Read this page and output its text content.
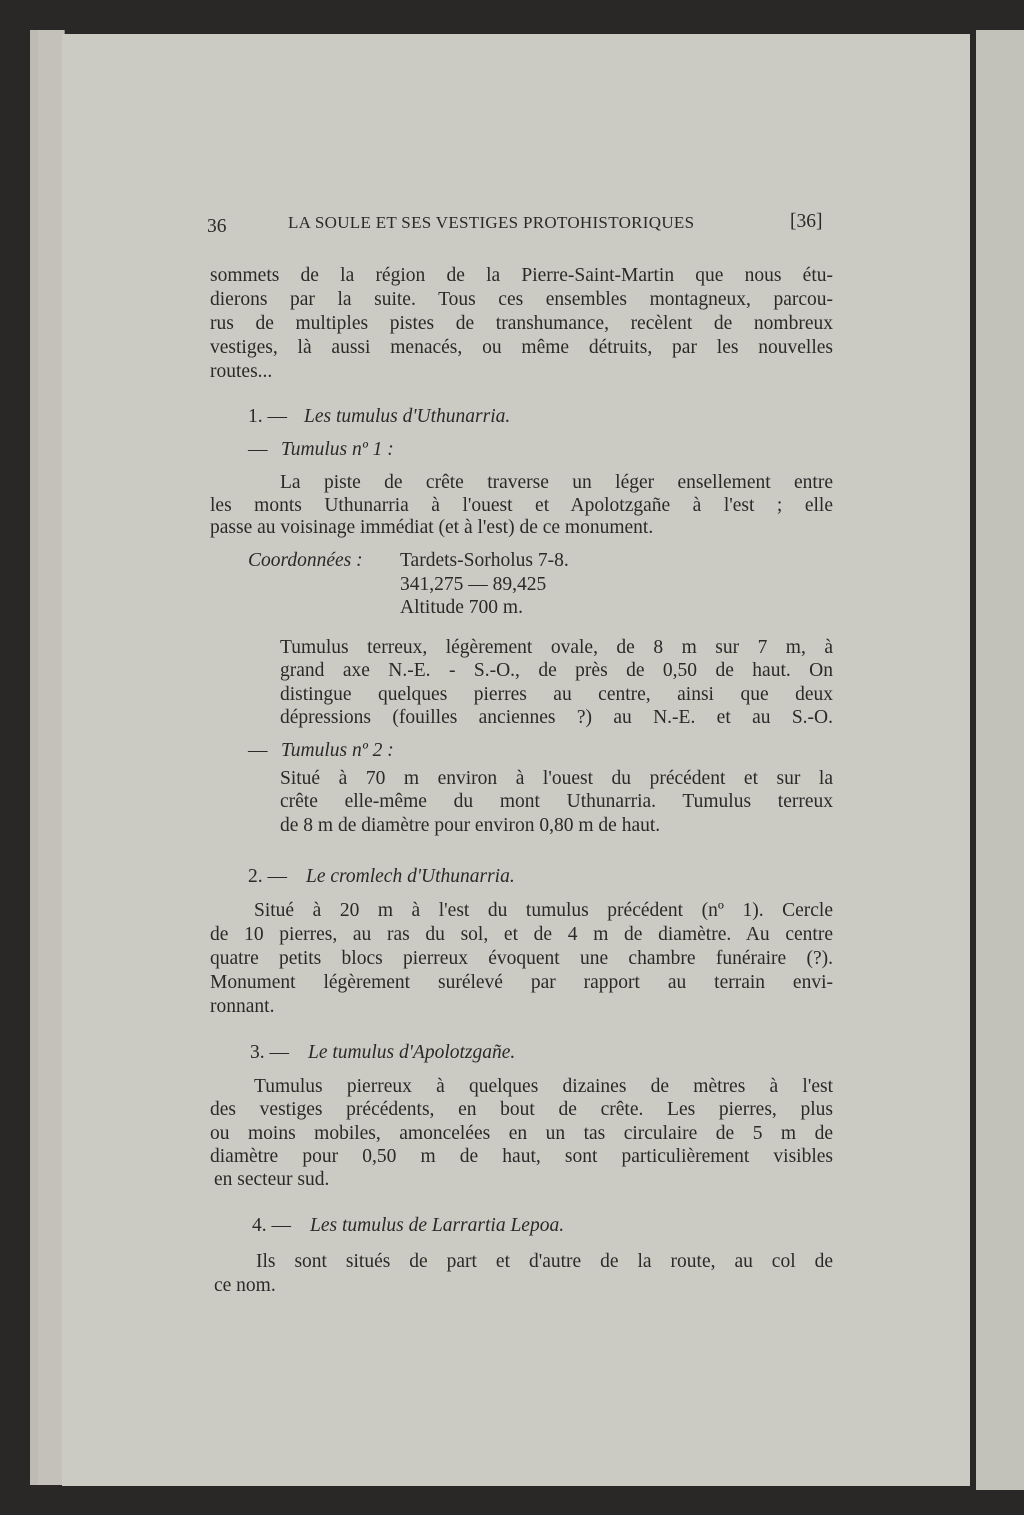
36	LA SOULE ET SES VESTIGES PROTOHISTORIQUES	[36]
sommets de la région de la Pierre-Saint-Martin que nous étu-
dierons par la suite. Tous ces ensembles montagneux, parcou-
rus de multiples pistes de transhumance, recèlent de nombreux
vestiges, là aussi menacés, ou même détruits, par les nouvelles
routes...
1. — Les tumulus d'Uthunarria.
— Tumulus nº 1 :
La piste de crête traverse un léger ensellement entre
les monts Uthunarria à l'ouest et Apolotzgañe à l'est ; elle
passe au voisinage immédiat (et à l'est) de ce monument.
Coordonnées : Tardets-Sorholus 7-8.
341,275 — 89,425
Altitude 700 m.
Tumulus terreux, légèrement ovale, de 8 m sur 7 m, à
grand axe N.-E. - S.-O., de près de 0,50 de haut. On
distingue quelques pierres au centre, ainsi que deux
dépressions (fouilles anciennes ?) au N.-E. et au S.-O.
— Tumulus nº 2 :
Situé à 70 m environ à l'ouest du précédent et sur la
crête elle-même du mont Uthunarria. Tumulus terreux
de 8 m de diamètre pour environ 0,80 m de haut.
2. — Le cromlech d'Uthunarria.
Situé à 20 m à l'est du tumulus précédent (nº 1). Cercle
de 10 pierres, au ras du sol, et de 4 m de diamètre. Au centre
quatre petits blocs pierreux évoquent une chambre funéraire (?).
Monument légèrement surélevé par rapport au terrain envi-
ronnant.
3. — Le tumulus d'Apolotzgañe.
Tumulus pierreux à quelques dizaines de mètres à l'est
des vestiges précédents, en bout de crête. Les pierres, plus
ou moins mobiles, amoncelées en un tas circulaire de 5 m de
diamètre pour 0,50 m de haut, sont particulièrement visibles
en secteur sud.
4. — Les tumulus de Larrartia Lepoa.
Ils sont situés de part et d'autre de la route, au col de
ce nom.
